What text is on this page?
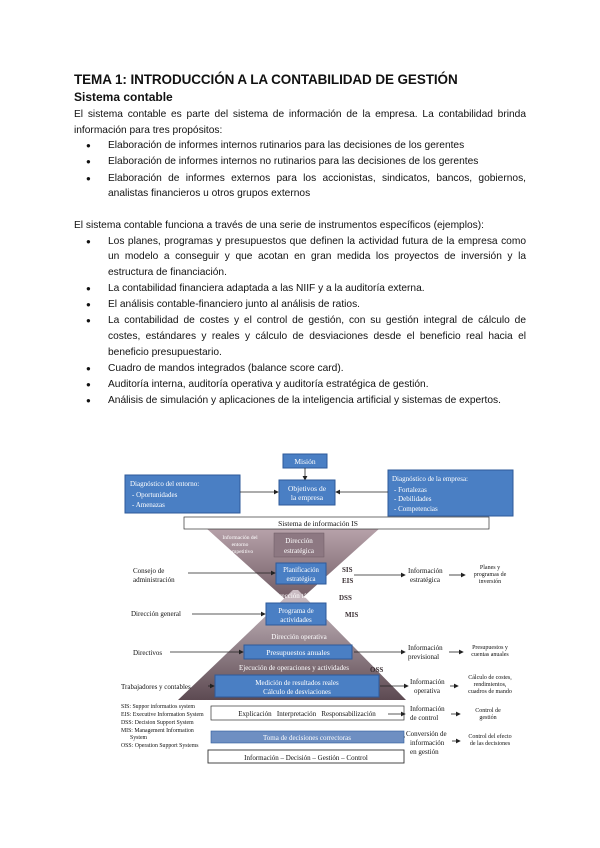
TEMA 1: INTRODUCCIÓN A LA CONTABILIDAD DE GESTIÓN
Sistema contable

El sistema contable es parte del sistema de información de la empresa. La contabilidad brinda información para tres propósitos:

● Elaboración de informes internos rutinarios para las decisiones de los gerentes
● Elaboración de informes internos no rutinarios para las decisiones de los gerentes
● Elaboración de informes externos para los accionistas, sindicatos, bancos, gobiernos, analistas financieros u otros grupos externos

El sistema contable funciona a través de una serie de instrumentos específicos (ejemplos):

● Los planes, programas y presupuestos que definen la actividad futura de la empresa como un modelo a conseguir y que acotan en gran medida los proyectos de inversión y la estructura de financiación.
● La contabilidad financiera adaptada a las NIIF y a la auditoría externa.
● El análisis contable-financiero junto al análisis de ratios.
● La contabilidad de costes y el control de gestión, con su gestión integral de cálculo de costes, estándares y reales y cálculo de desviaciones desde el beneficio real hacia el beneficio presupuestario.
● Cuadro de mandos integrados (balance score card).
● Auditoría interna, auditoría operativa y auditoría estratégica de gestión.
● Análisis de simulación y aplicaciones de la inteligencia artificial y sistemas de expertos.
Misión
Objetivos de
la empresa
Diagnóstico del entorno:
- Oportunidades
- Amenazas
Diagnóstico de la empresa:
- Fortalezas
- Debilidades
- Competencias
Sistema de información IS
Información del
entorno
competitivo
Dirección
estratégica
Planificación
estratégica
SIS
EIS
Dirección táctica	DSS
Programa de
actividades
MIS
Dirección operativa
Presupuestos anuales
Ejecución de operaciones y actividades	OSS
Medición de resultados reales
Cálculo de desviaciones
Consejo de
administración
Dirección general
Directivos
Trabajadores y contables
Información
estratégica
Información
previsional
Información
operativa
Información
de control
Conversión de
información
en gestión
Planes y
programas de
inversión
Presupuestos y
cuentas anuales
Cálculo de costes,
rendimientos,
cuadros de mando
Control de
gestión
Control del efecto
de las decisiones
SIS: Suppor informatios system
EIS: Executive Information System
DSS: Decision Support System
MIS: Management Information
System
OSS: Operation Support Systems
Explicación   Interpretación   Responsabilización
Toma de decisiones correctoras
Información – Decisión – Gestión – Control
